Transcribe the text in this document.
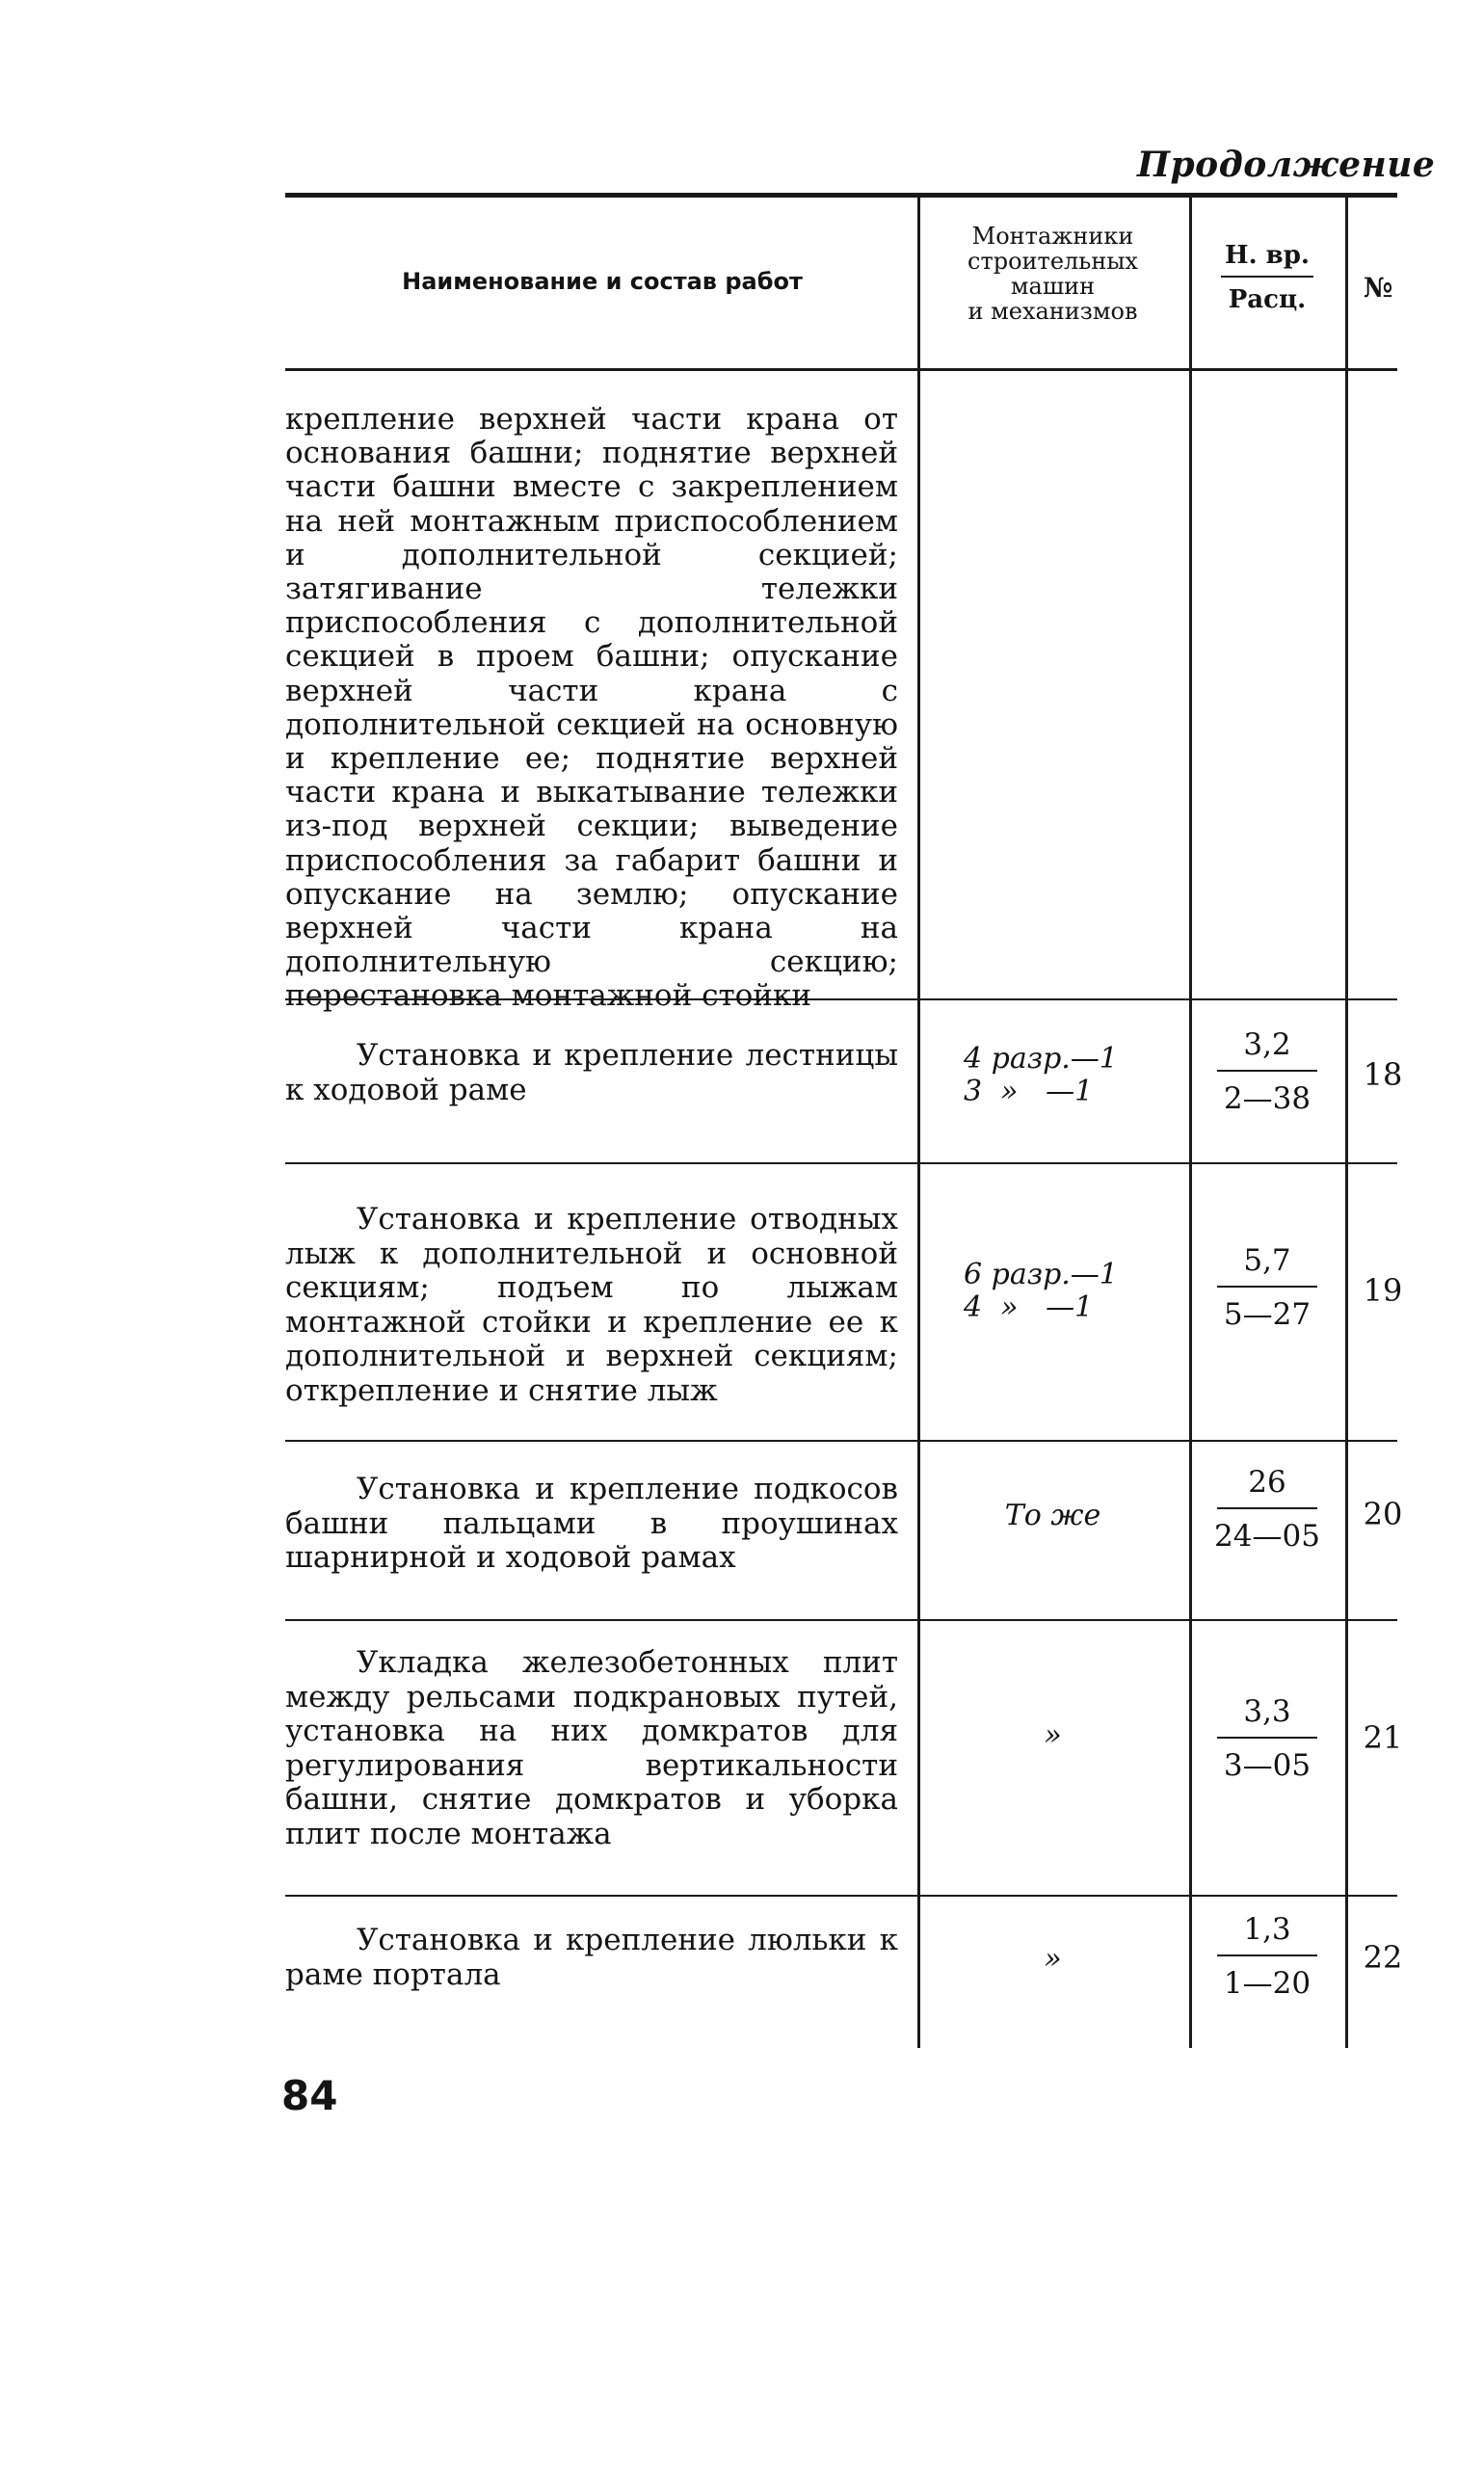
Продолжение
Наименование и состав работ
Монтажники
строительных
машин
и механизмов
Н. вр.
Расц.	№
крепление верхней части крана от основания башни; поднятие верхней части башни вместе с закреплением на ней монтажным приспособлением и дополнительной секцией; затягивание тележки приспособления с дополнительной секцией в проем башни; опускание верхней части крана с дополнительной секцией на основную и крепление ее; поднятие верхней части крана и выкатывание тележки из-под верхней секции; выведение приспособления за габарит башни и опускание на землю; опускание верхней части крана на дополнительную секцию; перестановка монтажной стойки
Установка и крепление лестницы к ходовой раме
4 разр.—1
3  »   —1
3,2
2—38
18
Установка и крепление отводных лыж к дополнительной и основной секциям; подъем по лыжам монтажной стойки и крепление ее к дополнительной и верхней секциям; открепление и снятие лыж
6 разр.—1
4  »   —1
5,7
5—27
19
Установка и крепление подкосов башни пальцами в проушинах шарнирной и ходовой рамах
То же
26
24—05
20
Укладка железобетонных плит между рельсами подкрановых путей, установка на них домкратов для регулирования вертикальности башни, снятие домкратов и уборка плит после монтажа
»
3,3
3—05
21
Установка и крепление люльки к раме портала	»
1,3
1—20
22
84
